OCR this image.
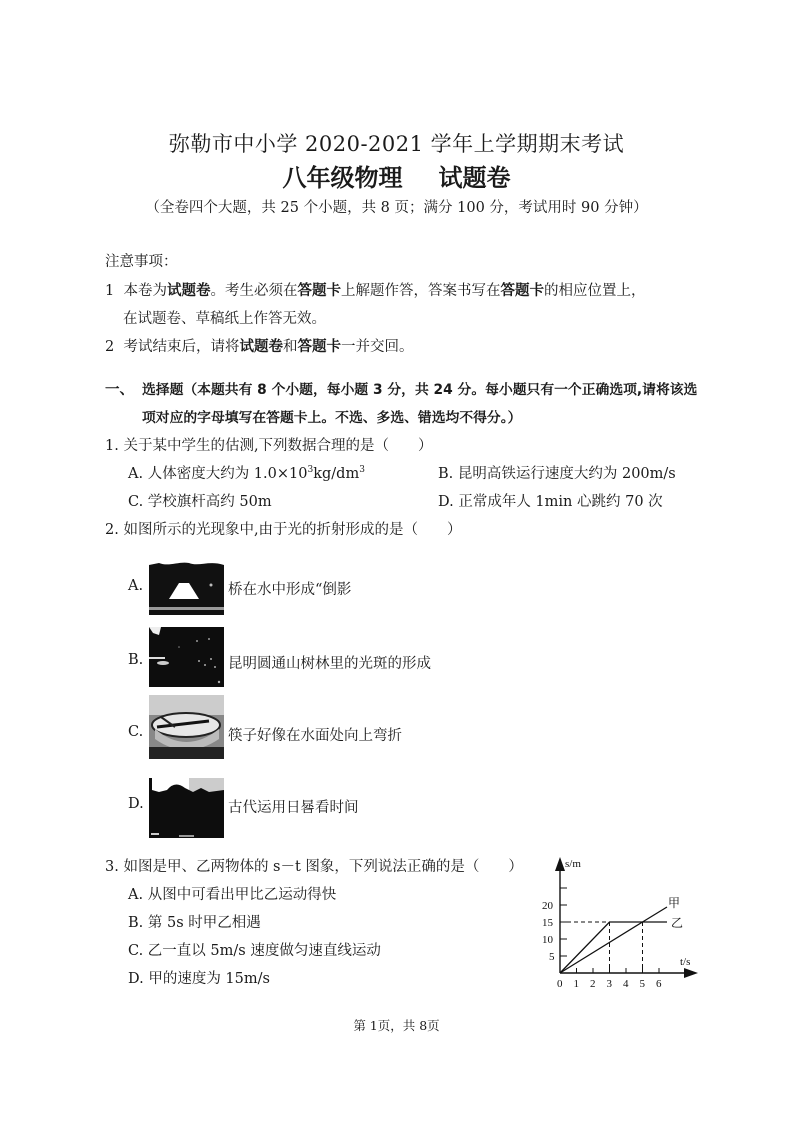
弥勒市中小学 2020-2021 学年上学期期末考试
八年级物理 试题卷
（全卷四个大题，共 25 个小题，共 8 页；满分 100 分，考试用时 90 分钟）
注意事项：
1 本卷为试题卷。考生必须在答题卡上解题作答，答案书写在答题卡的相应位置上，
在试题卷、草稿纸上作答无效。
2 考试结束后，请将试题卷和答题卡一并交回。
一、 选择题（本题共有 8 个小题，每小题 3 分，共 24 分。每小题只有一个正确选项,请将该选
项对应的字母填写在答题卡上。不选、多选、错选均不得分。）
1. 关于某中学生的估测,下列数据合理的是（　　）
A. 人体密度大约为 $1.0\times 10^3kg/dm^3$	B. 昆明高铁运行速度大约为 200m/s
C. 学校旗杆高约 50m	D. 正常成年人 1min 心跳约 70 次
2. 如图所示的光现象中,由于光的折射形成的是（　　）
A.	桥在水中形成“倒影
B.	昆明圆通山树林里的光斑的形成
C.	筷子好像在水面处向上弯折
D.	古代运用日晷看时间
3. 如图是甲、乙两物体的 s－t 图象，下列说法正确的是（　　）
A. 从图中可看出甲比乙运动得快
B. 第 5s 时甲乙相遇
C. 乙一直以 5m/s 速度做匀速直线运动
D. 甲的速度为 15m/s
s/m
t/s
5
10
15
20
0 1 2 3 4 5 6
甲
乙
第 1页，共 8页
